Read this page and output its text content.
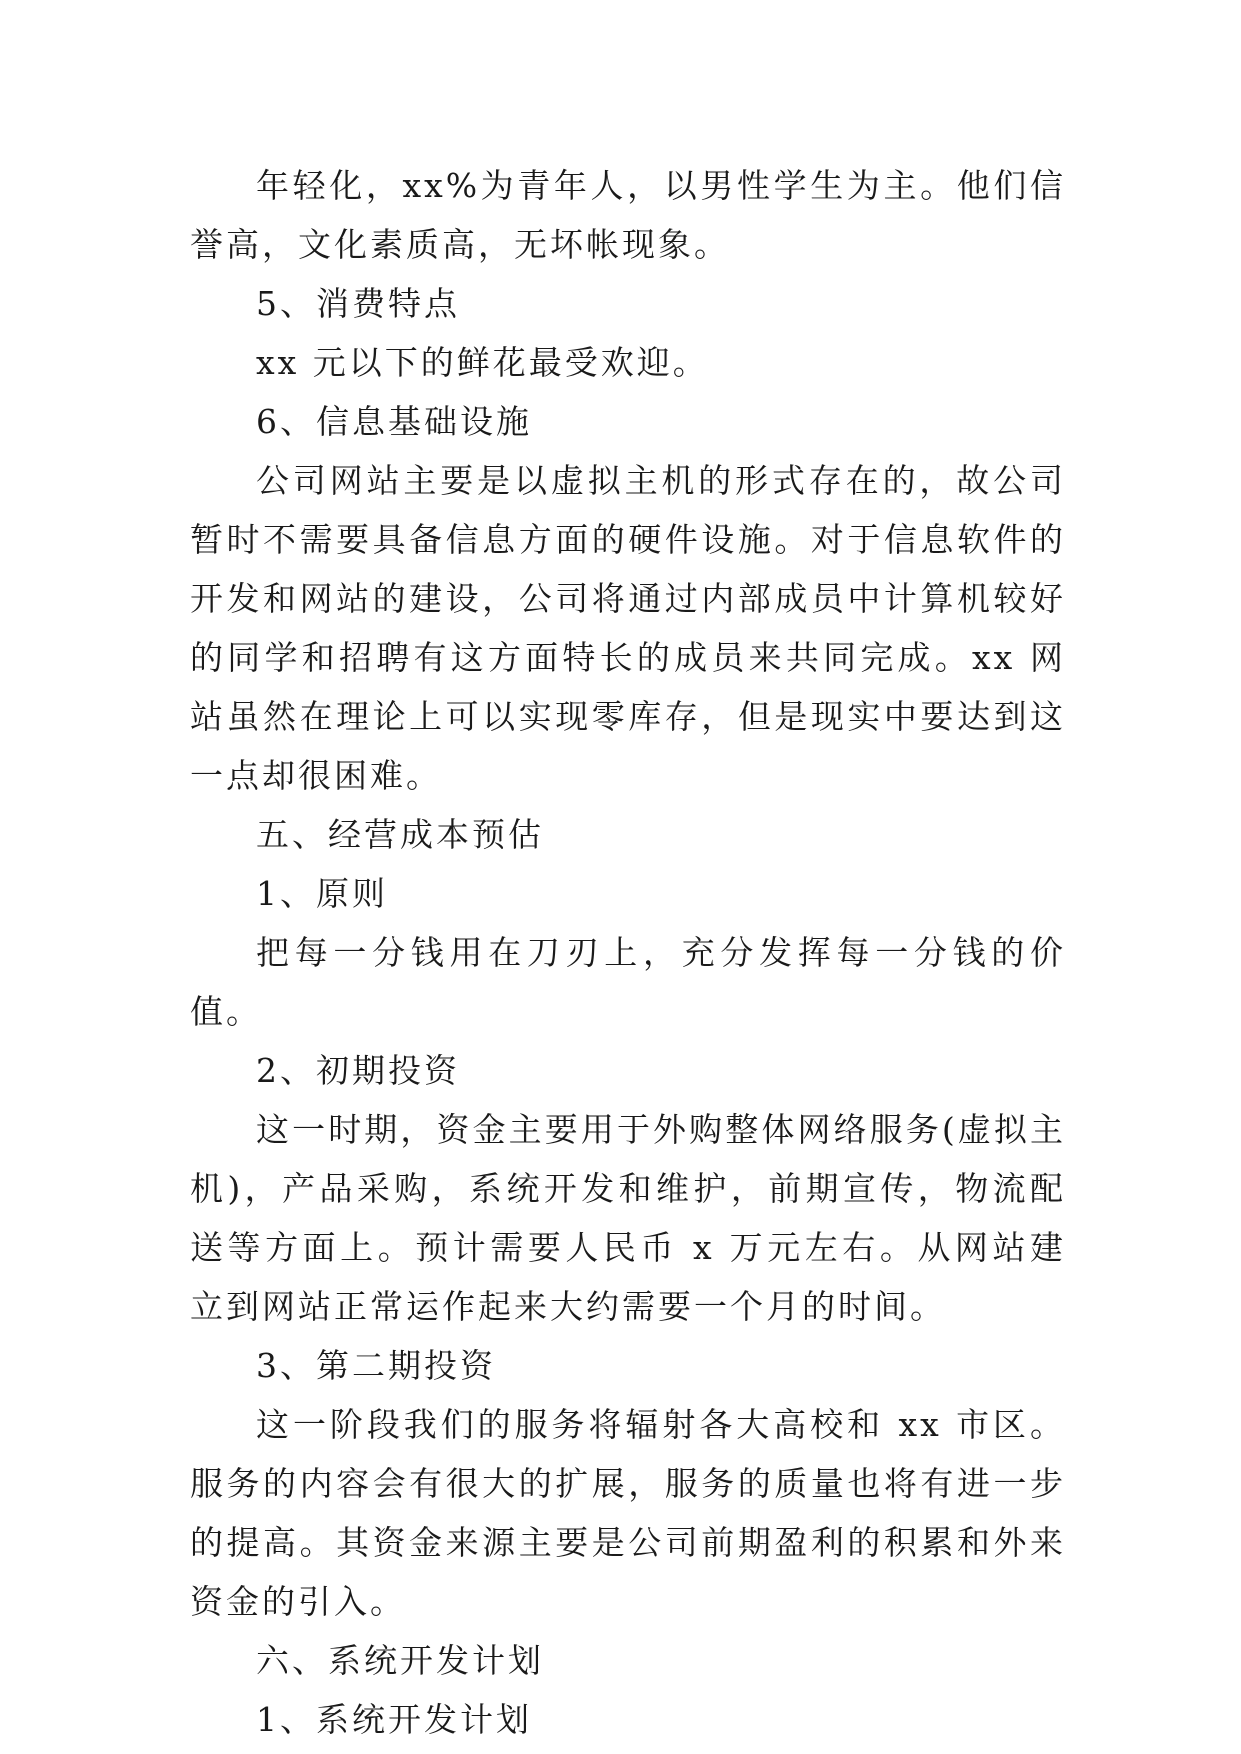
年轻化，xx%为青年人，以男性学生为主。他们信誉高，文化素质高，无坏帐现象。

5、消费特点

xx 元以下的鲜花最受欢迎。

6、信息基础设施

公司网站主要是以虚拟主机的形式存在的，故公司暂时不需要具备信息方面的硬件设施。对于信息软件的开发和网站的建设，公司将通过内部成员中计算机较好的同学和招聘有这方面特长的成员来共同完成。xx 网站虽然在理论上可以实现零库存，但是现实中要达到这一点却很困难。

五、经营成本预估

1、原则

把每一分钱用在刀刃上，充分发挥每一分钱的价值。

2、初期投资

这一时期，资金主要用于外购整体网络服务(虚拟主机)，产品采购，系统开发和维护，前期宣传，物流配送等方面上。预计需要人民币 x 万元左右。从网站建立到网站正常运作起来大约需要一个月的时间。

3、第二期投资

这一阶段我们的服务将辐射各大高校和 xx 市区。服务的内容会有很大的扩展，服务的质量也将有进一步的提高。其资金来源主要是公司前期盈利的积累和外来资金的引入。

六、系统开发计划

1、系统开发计划
